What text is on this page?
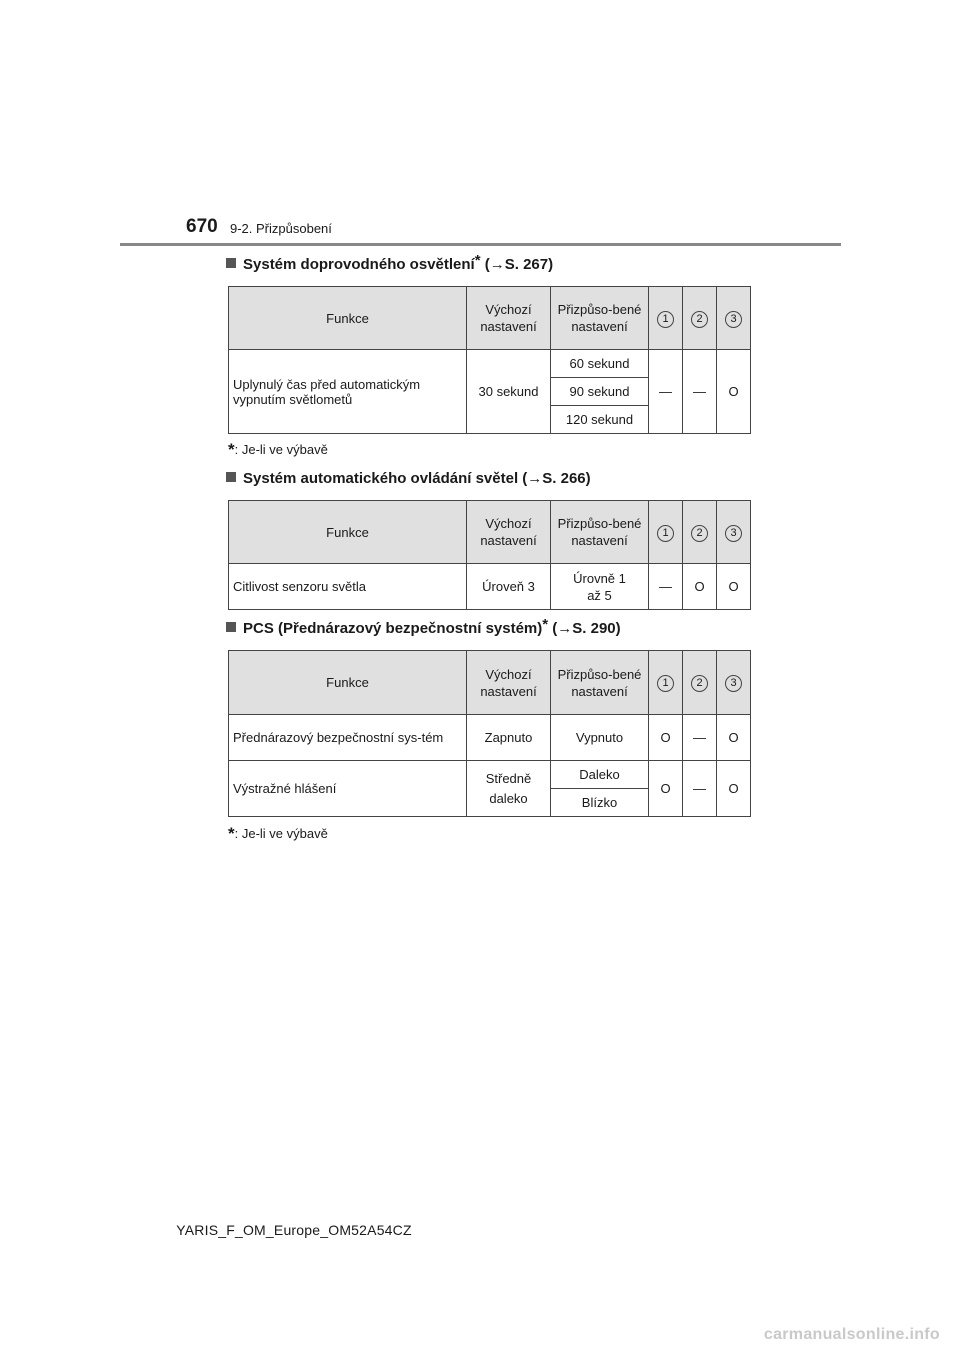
670 9-2. Přizpůsobení
Systém doprovodného osvětlení* (→S. 267)
Funkce	Výchozí nastavení	Přizpůso-bené nastavení	1	2	3
Uplynulý čas před automatickým vypnutím světlometů	30 sekund	60 sekund	—	—	O
		90 sekund			
		120 sekund			
*: Je-li ve výbavě
Systém automatického ovládání světel (→S. 266)
Funkce	Výchozí nastavení	Přizpůso-bené nastavení	1	2	3
Citlivost senzoru světla	Úroveň 3	Úrovně 1 až 5	—	O	O
PCS (Přednárazový bezpečnostní systém)* (→S. 290)
Funkce	Výchozí nastavení	Přizpůso-bené nastavení	1	2	3
Přednárazový bezpečnostní sys-tém	Zapnuto	Vypnuto	O	—	O
Výstražné hlášení	Středně daleko	Daleko	O	—	O
		Blízko			
*: Je-li ve výbavě
YARIS_F_OM_Europe_OM52A54CZ
carmanualsonline.info
